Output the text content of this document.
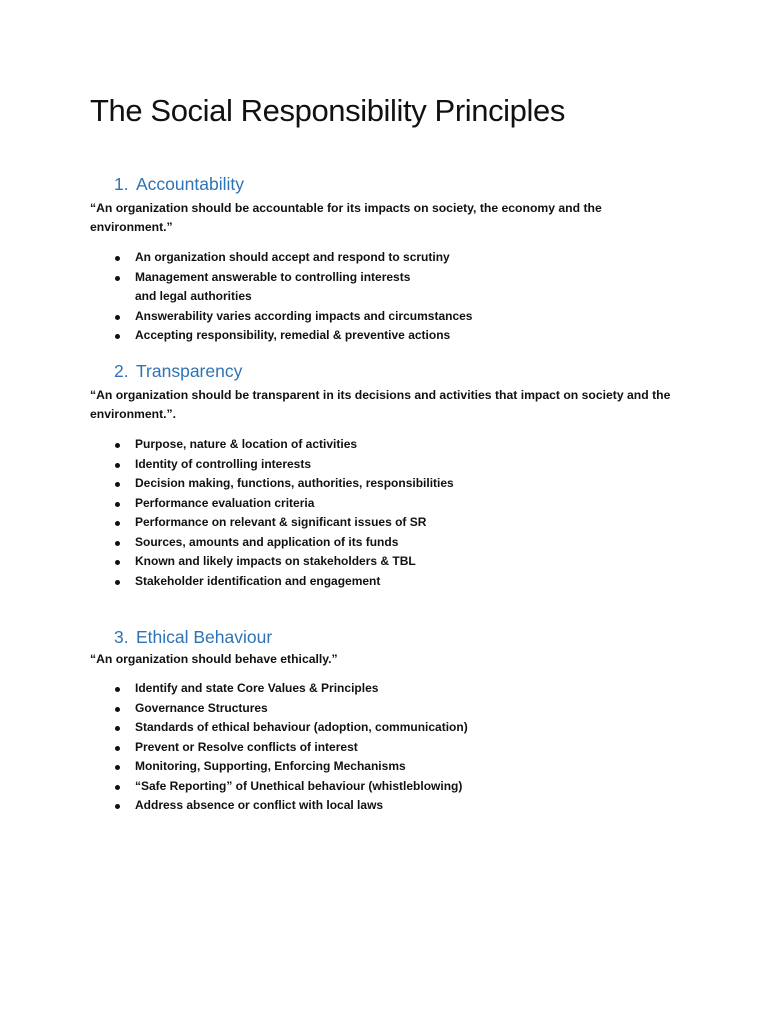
The Social Responsibility Principles
1. Accountability

“An organization should be accountable for its impacts on society, the economy and the environment.”

An organization should accept and respond to scrutiny
Management answerable to controlling interests
and legal authorities
Answerability varies according impacts and circumstances
Accepting responsibility, remedial & preventive actions
2. Transparency

“An organization should be transparent in its decisions and activities that impact on society and the environment.”.

Purpose, nature & location of activities
Identity of controlling interests
Decision making, functions, authorities, responsibilities
Performance evaluation criteria
Performance on relevant & significant issues of SR
Sources, amounts and application of its funds
Known and likely impacts on stakeholders & TBL
Stakeholder identification and engagement
3. Ethical Behaviour

“An organization should behave ethically.”

Identify and state Core Values & Principles
Governance Structures
Standards of ethical behaviour (adoption, communication)
Prevent or Resolve conflicts of interest
Monitoring, Supporting, Enforcing Mechanisms
“Safe Reporting” of Unethical behaviour (whistleblowing)
Address absence or conflict with local laws
